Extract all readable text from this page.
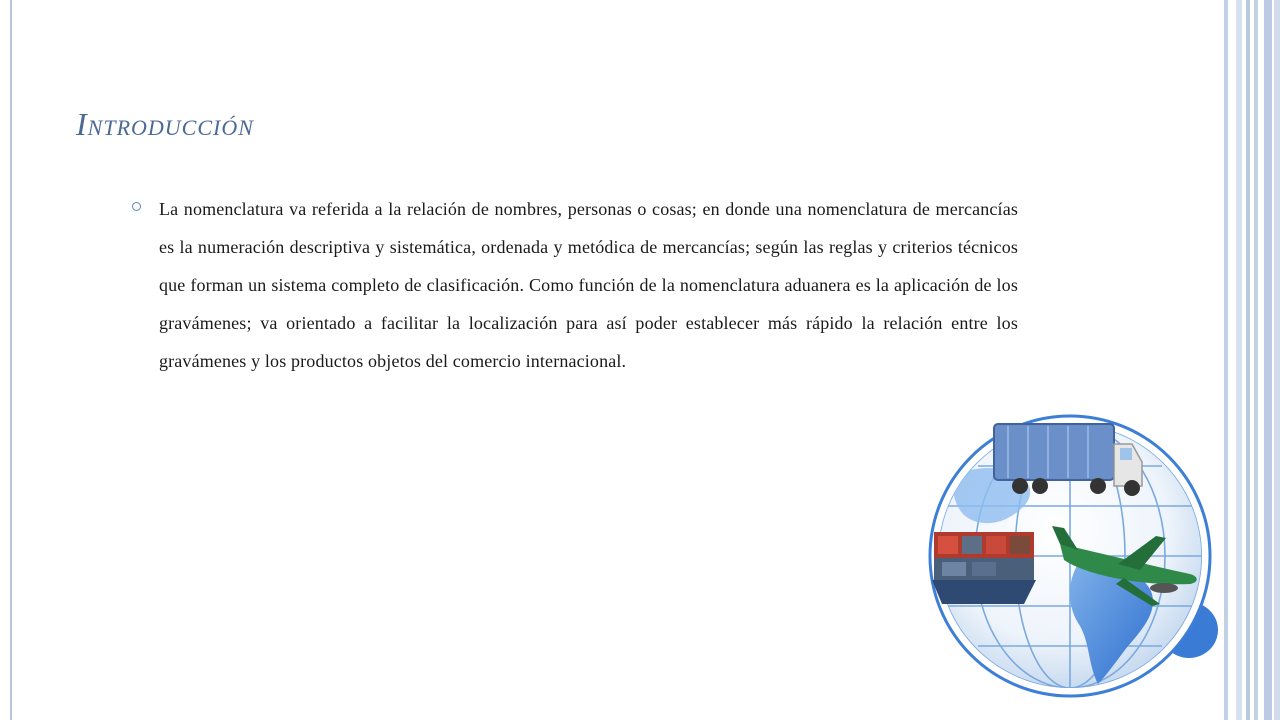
Introducción

La nomenclatura va referida a la relación de nombres, personas o cosas; en donde una nomenclatura de mercancías es la numeración descriptiva y sistemática, ordenada y metódica de mercancías; según las reglas y criterios técnicos que forman un sistema completo de clasificación. Como función de la nomenclatura aduanera es la aplicación de los gravámenes; va orientado a facilitar la localización para así poder establecer más rápido la relación entre los gravámenes y los productos objetos del comercio internacional.
